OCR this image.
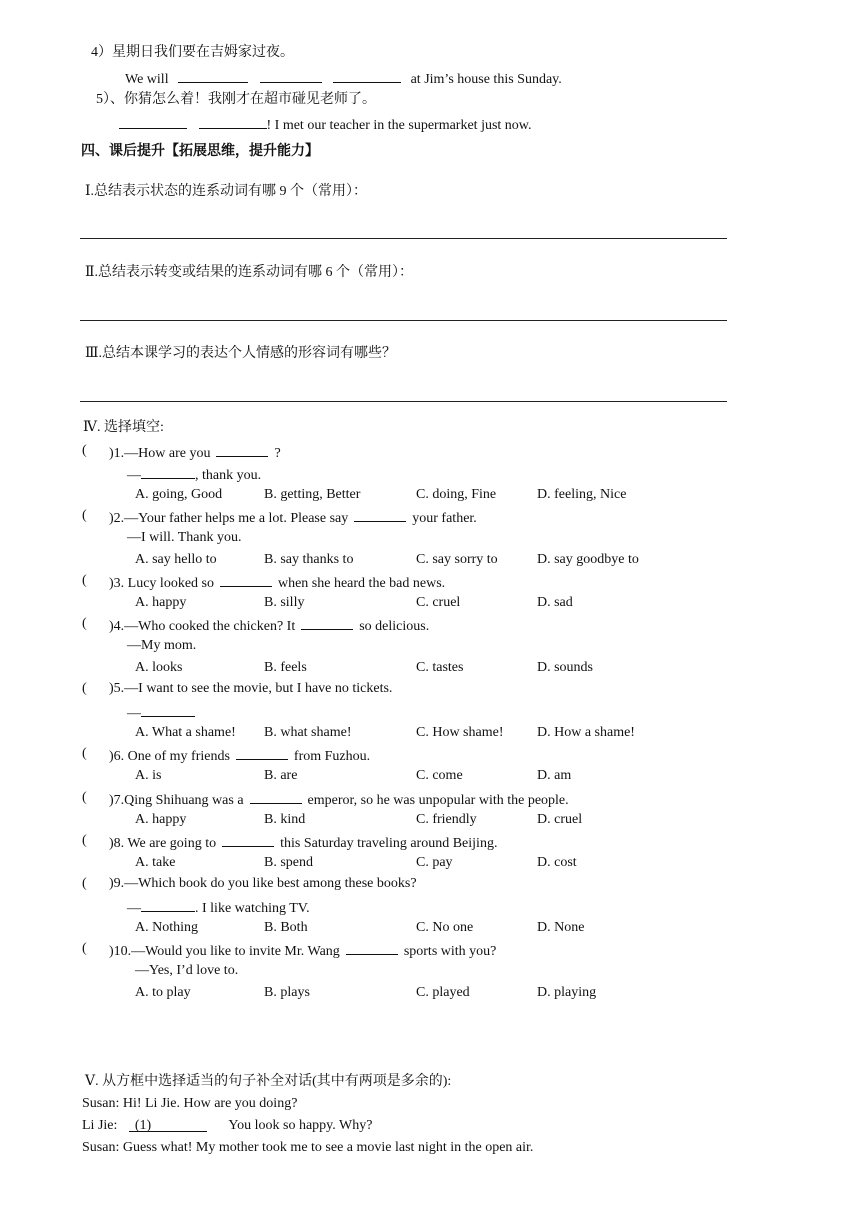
4）星期日我们要在吉姆家过夜。
We will	at Jim’s house this Sunday.
5）、你猜怎么着！我刚才在超市碰见老师了。
! I met our teacher in the supermarket just now.
四、课后提升【拓展思维，提升能力】
Ⅰ.总结表示状态的连系动词有哪 9 个（常用）：
Ⅱ.总结表示转变或结果的连系动词有哪 6 个（常用）：
Ⅲ.总结本课学习的表达个人情感的形容词有哪些？
Ⅳ. 选择填空:
( )1.—How are you	?
—	, thank you.
A. going, Good	B. getting, Better	C. doing, Fine	D. feeling, Nice
( )2.—Your father helps me a lot. Please say	your father.
—I will. Thank you.
A. say hello to	B. say thanks to	C. say sorry to	D. say goodbye to
( )3. Lucy looked so	when she heard the bad news.
A. happy	B. silly	C. cruel	D. sad
( )4.—Who cooked the chicken? It	so delicious.
—My mom.
A. looks	B. feels	C. tastes	D. sounds
( )5.—I want to see the movie, but I have no tickets.
—
A. What a shame! B. what shame!	C. How shame! D. How a shame!
( )6. One of my friends	from Fuzhou.
A. is	B. are	C. come	D. am
( )7.Qing Shihuang was a	emperor, so he was unpopular with the people.
A. happy	B. kind	C. friendly	D. cruel
( )8. We are going to	this Saturday traveling around Beijing.
A. take	B. spend	C. pay	D. cost
( )9.—Which book do you like best among these books?
—	. I like watching TV.
A. Nothing	B. Both	C. No one	D. None
( )10.—Would you like to invite Mr. Wang	sports with you?
—Yes, I’d love to.
A. to play	B. plays	C. played	D. playing
Ⅴ. 从方框中选择适当的句子补全对话(其中有两项是多余的):
Susan: Hi! Li Jie. How are you doing?
Li Jie: (1)	You look so happy. Why?
Susan: Guess what! My mother took me to see a movie last night in the open air.
